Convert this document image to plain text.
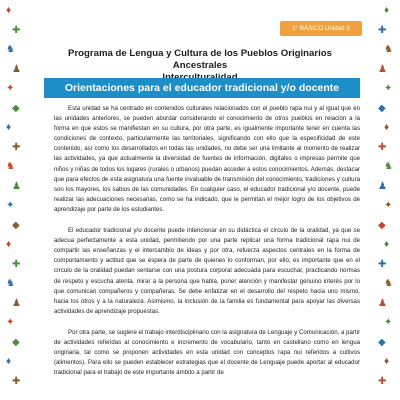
♦
✚
♞
♟
✦
◆
♦
✚
♞
♟
✦
◆
♦
✚
♞
♟
✦
◆
♦
✚
♦
✚
♞
♟
✦
◆
♦
✚
♞
♟
✦
◆
♦
✚
♞
♟
✦
◆
♦
✚
1° BÁSICO Unidad 3
Programa de Lengua y Cultura de los Pueblos Originarios Ancestrales
Orientaciones para el educador tradicional y/o docente

Esta unidad se ha centrado en contenidos culturales relacionados con el pueblo rapa nui y al igual que en las unidades anteriores, se pueden abordar considerando el conocimiento de otros pueblos en relación a la forma en que estos se manifiestan en su cultura, por otra parte, es igualmente importante tener en cuenta las condiciones de contexto, particularmente las territoriales, significando con ello que la especificidad de este contenido, así como los desarrollados en todas las unidades, no debe ser una limitante al momento de realizar las actividades, ya que actualmente la diversidad de fuentes de información, digitales o impresas permite que niños y niñas de todos los lugares (rurales o urbanos) puedan acceder a estos conocimientos. Además, destacar que para efectos de esta asignatura una fuente invaluable de transmisión del conocimiento, tradiciones y cultura son los mayores, los sabios de las comunidades. En cualquier caso, el educador tradicional y/o docente, puede realizar las adecuaciones necesarias, como se ha indicado, que le permitan el mejor logro de los objetivos de aprendizaje por parte de los estudiantes.

El educador tradicional y/o docente puede intencionar en su didáctica el círculo de la oralidad, ya que se adecua perfectamente a esta unidad, permitiendo por una parte replicar una forma tradicional rapa nui de compartir las enseñanzas y el intercambio de ideas y por otra, refuerza aspectos centrales en la forma de comportamiento y actitud que se espera de parte de quienes lo conforman, por ello, es importante que en el círculo de la oralidad puedan sentarse con una postura corporal adecuada para escuchar, practicando normas de respeto y escucha atenta, mirar a la persona que habla, poner atención y manifestar genuino interés por lo que comunican compañeros y compañeras. Se debe enfatizar en el desarrollo del respeto hacia uno mismo, hacia los otros y a la naturaleza. Asimismo, la inclusión de la familia es fundamental para apoyar las diversas actividades de aprendizaje propuestas.

Por otra parte, se sugiere el trabajo interdisciplinario con la asignatura de Lenguaje y Comunicación, a partir de actividades referidas al conocimiento e incremento de vocabulario, tanto en castellano como en lengua originaria, tal como se proponen actividades en esta unidad con conceptos rapa nui referidos a cultivos (alimentos). Para ello se pueden establecer estrategias que el docente de Lenguaje puede aportar al educador tradicional para el trabajo de este importante ámbito a partir de
